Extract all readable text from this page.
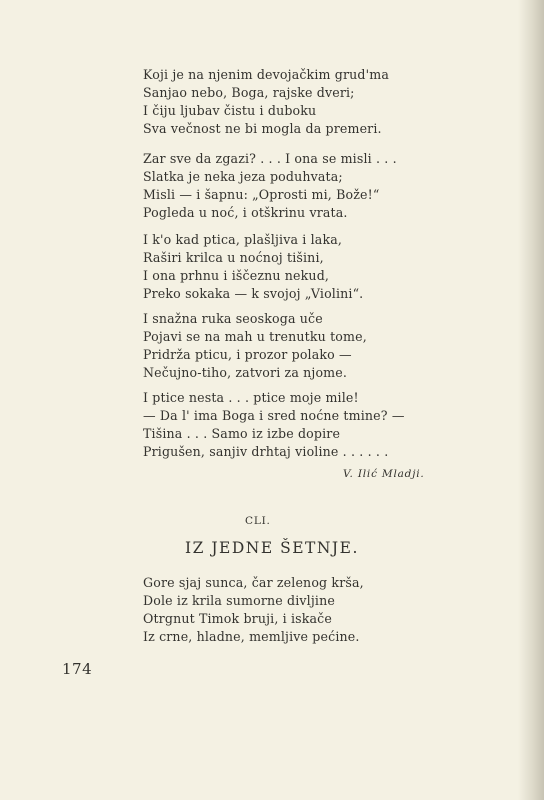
Koji je na njenim devojačkim grud'ma
Sanjao nebo, Boga, rajske dveri;
I čiju ljubav čistu i duboku
Sva večnost ne bi mogla da premeri.
Zar sve da zgazi? . . . I ona se misli . . .
Slatka je neka jeza poduhvata;
Misli — i šapnu: „Oprosti mi, Bože!“
Pogleda u noć, i otškrinu vrata.
I k'o kad ptica, plašljiva i laka,
Raširi krilca u noćnoj tišini,
I ona prhnu i iščeznu nekud,
Preko sokaka — k svojoj „Violini“.
I snažna ruka seoskoga uče
Pojavi se na mah u trenutku tome,
Pridrža pticu, i prozor polako —
Nečujno-tiho, zatvori za njome.
I ptice nesta . . . ptice moje mile!
— Da l' ima Boga i sred noćne tmine? —
Tišina . . . Samo iz izbe dopire
Prigušen, sanjiv drhtaj violine . . . . . .
V. Ilić Mladji.
CLI.
IZ JEDNE ŠETNJE.
Gore sjaj sunca, čar zelenog krša,
Dole iz krila sumorne divljine
Otrgnut Timok bruji, i iskače
Iz crne, hladne, memljive pećine.
174
